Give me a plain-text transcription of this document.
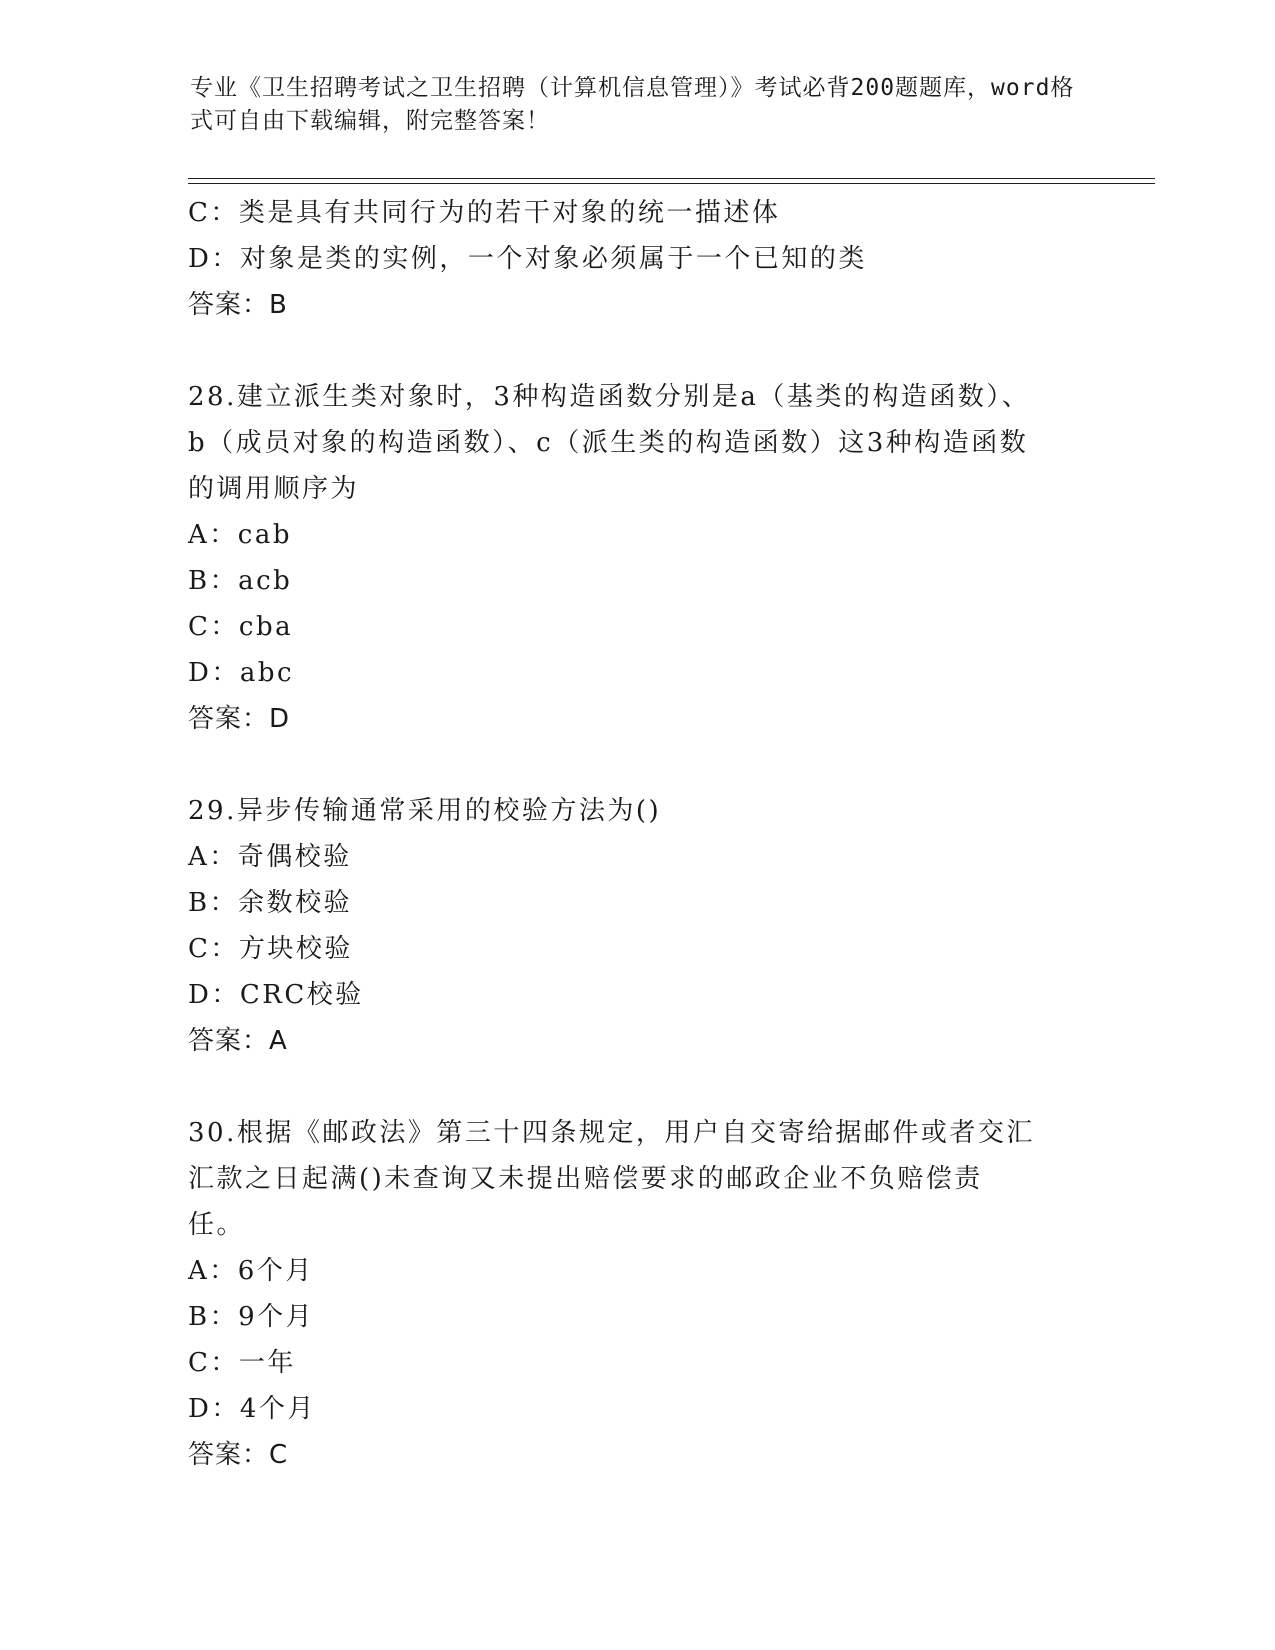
专业《卫生招聘考试之卫生招聘（计算机信息管理）》考试必背200题题库，word格式可自由下载编辑，附完整答案！
C：类是具有共同行为的若干对象的统一描述体
D：对象是类的实例，一个对象必须属于一个已知的类
答案：B
28.建立派生类对象时，3种构造函数分别是a（基类的构造函数）、b（成员对象的构造函数）、c（派生类的构造函数）这3种构造函数的调用顺序为
A：cab
B：acb
C：cba
D：abc
答案：D
29.异步传输通常采用的校验方法为()
A：奇偶校验
B：余数校验
C：方块校验
D：CRC校验
答案：A
30.根据《邮政法》第三十四条规定，用户自交寄给据邮件或者交汇汇款之日起满()未查询又未提出赔偿要求的邮政企业不负赔偿责任。
A：6个月
B：9个月
C：一年
D：4个月
答案：C
